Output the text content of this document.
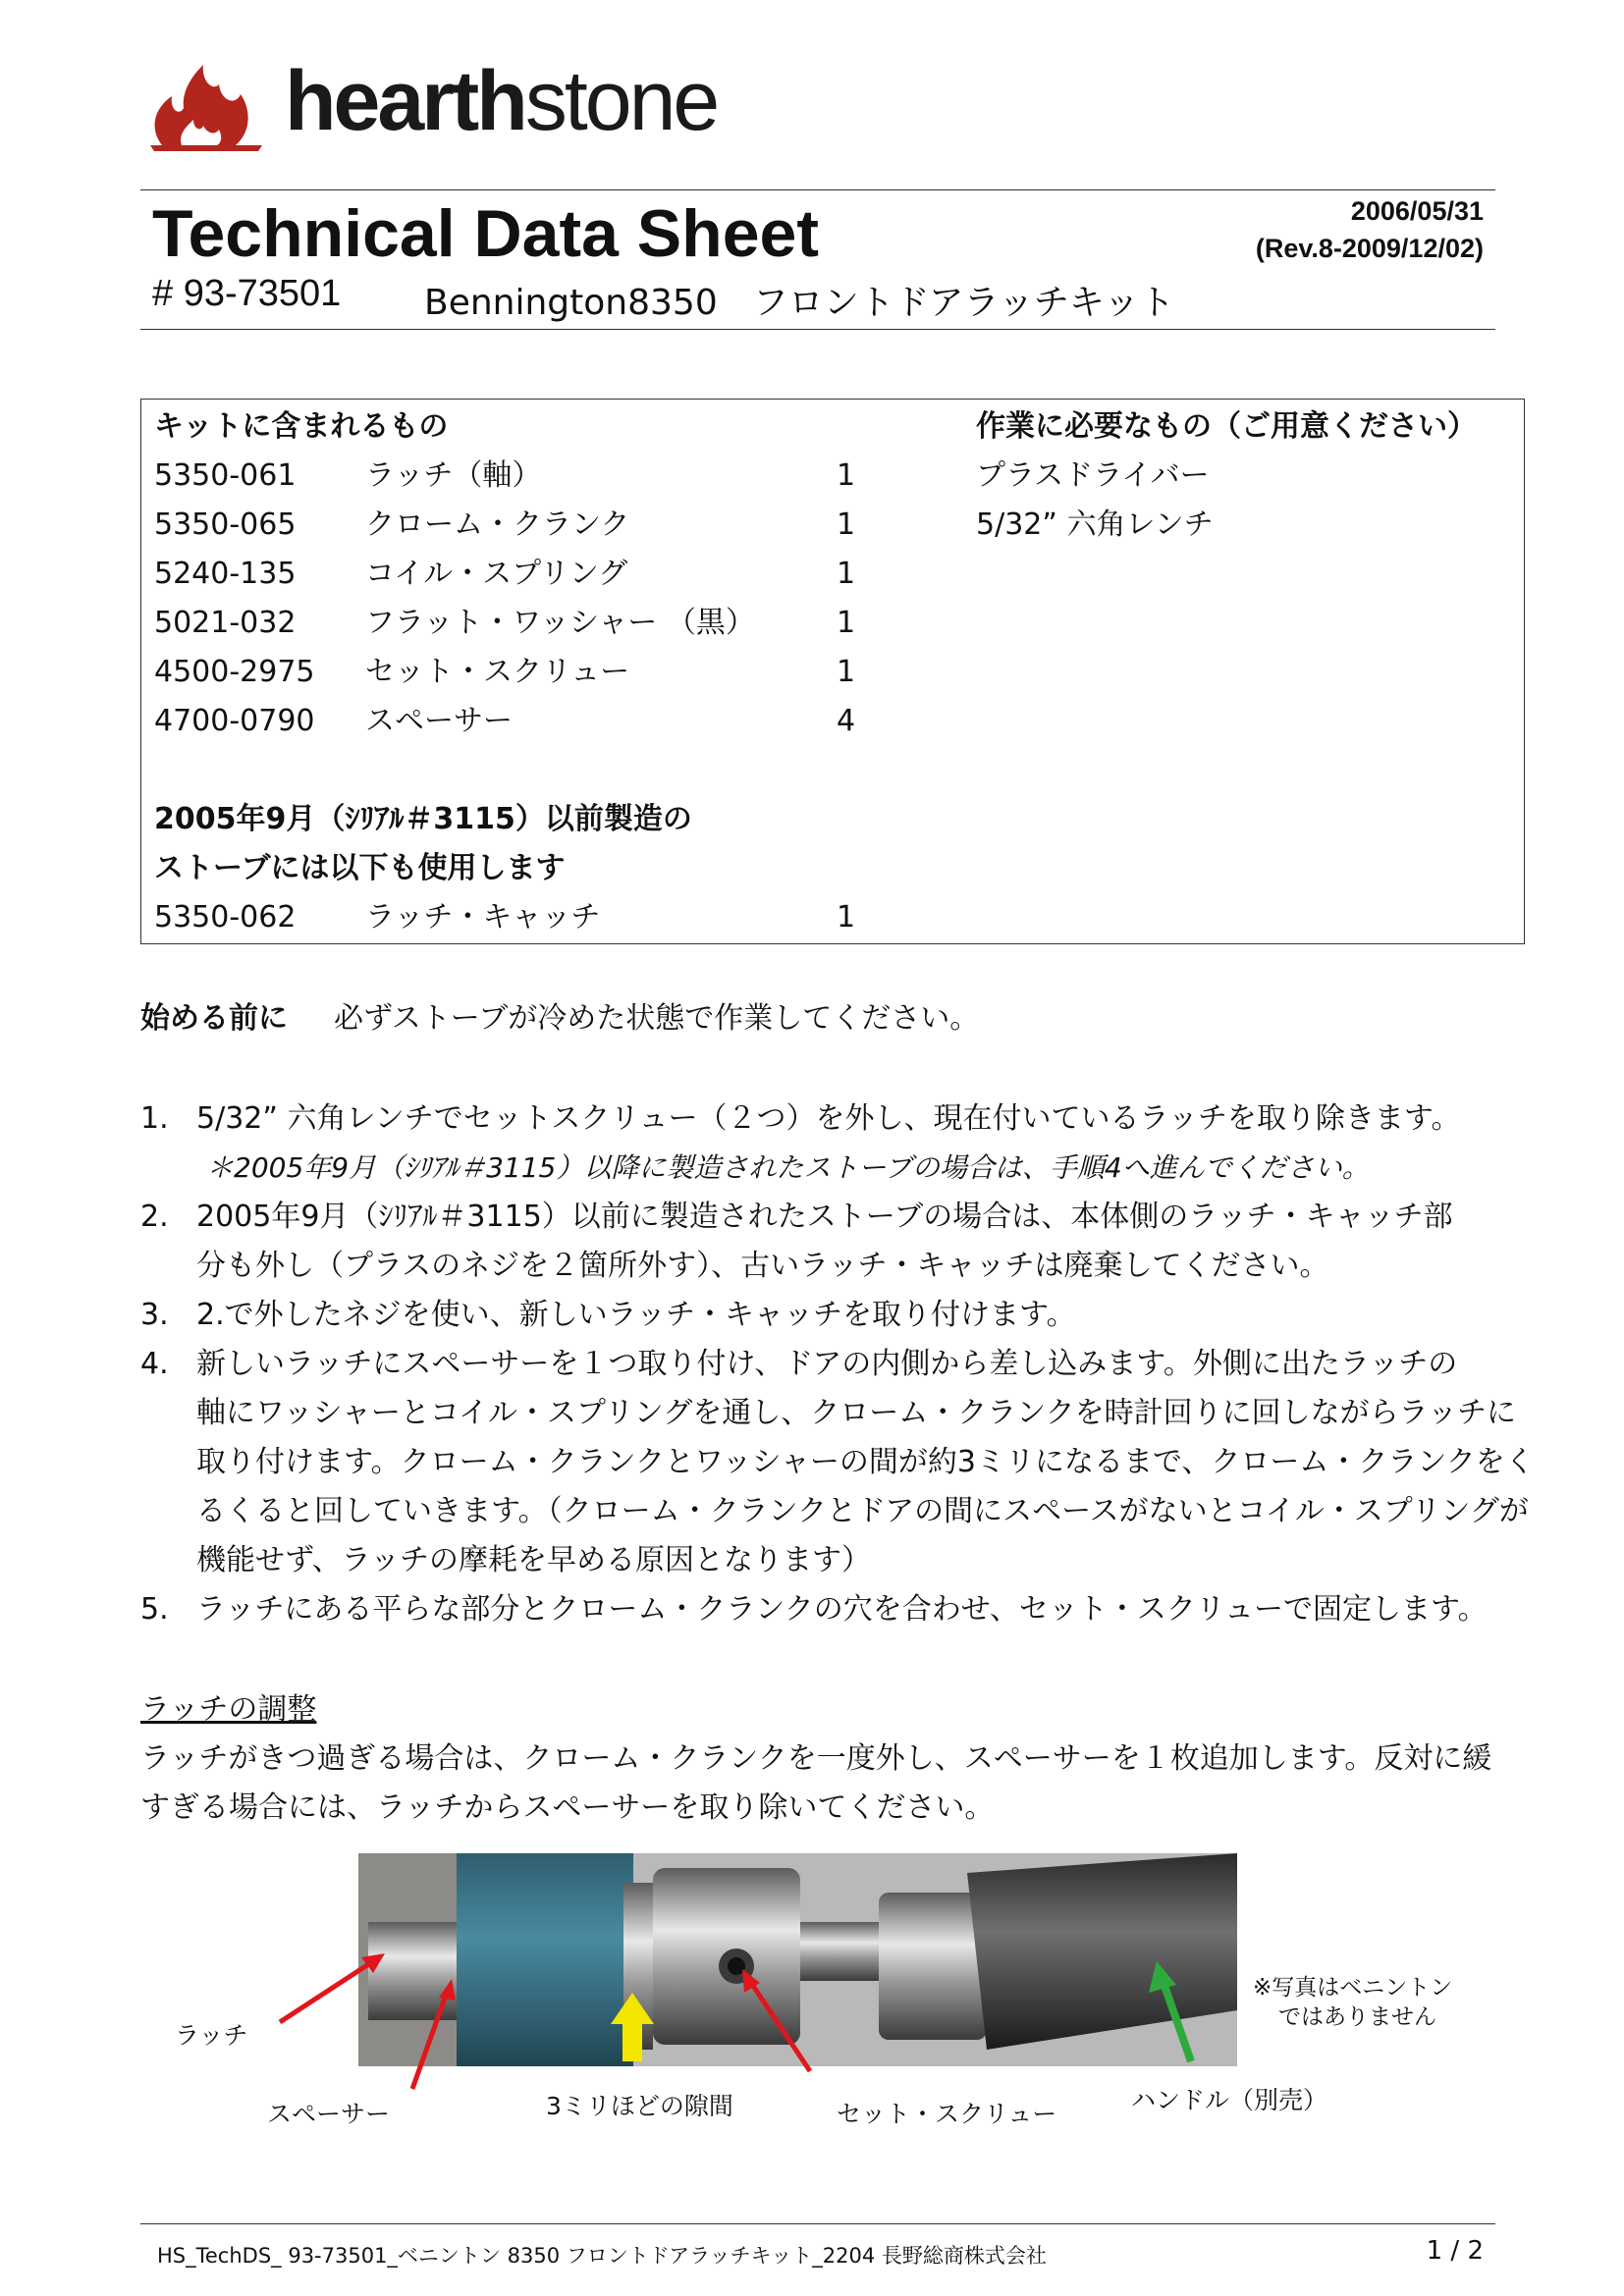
hearthstone
Technical Data Sheet	2006/05/31
(Rev.8-2009/12/02)
# 93-73501 Bennington8350　フロントドアラッチキット
キットに含まれるもの	作業に必要なもの（ご用意ください）
5350-061 ラッチ（軸）	1	プラスドライバー
5350-065 クローム・クランク	1	5/32” 六角レンチ
5240-135 コイル・スプリング	1
5021-032 フラット・ワッシャー （黒）	1
4500-2975 セット・スクリュー	1
4700-0790 スペーサー	4
2005年9月（ｼﾘｱﾙ＃3115）以前製造の
ストーブには以下も使用します
5350-062 ラッチ・キャッチ	1
始める前に 必ずストーブが冷めた状態で作業してください。
1. 5/32” 六角レンチでセットスクリュー（２つ）を外し、現在付いているラッチを取り除きます。
＊2005年9月（ｼﾘｱﾙ＃3115）以降に製造されたストーブの場合は、手順4へ進んでください。
2. 2005年9月（ｼﾘｱﾙ＃3115）以前に製造されたストーブの場合は、本体側のラッチ・キャッチ部
分も外し（プラスのネジを２箇所外す）、古いラッチ・キャッチは廃棄してください。
3. 2.で外したネジを使い、新しいラッチ・キャッチを取り付けます。
4. 新しいラッチにスペーサーを１つ取り付け、ドアの内側から差し込みます。外側に出たラッチの
軸にワッシャーとコイル・スプリングを通し、クローム・クランクを時計回りに回しながらラッチに
取り付けます。クローム・クランクとワッシャーの間が約3ミリになるまで、クローム・クランクをく
るくると回していきます。（クローム・クランクとドアの間にスペースがないとコイル・スプリングが
機能せず、ラッチの摩耗を早める原因となります）
5. ラッチにある平らな部分とクローム・クランクの穴を合わせ、セット・スクリューで固定します。
ラッチの調整
ラッチがきつ過ぎる場合は、クローム・クランクを一度外し、スペーサーを１枚追加します。反対に緩
すぎる場合には、ラッチからスペーサーを取り除いてください。
ラッチ
スペーサー	3ミリほどの隙間	セット・スクリュー	ハンドル（別売）
※写真はベニントン
ではありません
HS_TechDS_ 93-73501_ベニントン 8350 フロントドアラッチキット_2204 長野総商株式会社	1 / 2
